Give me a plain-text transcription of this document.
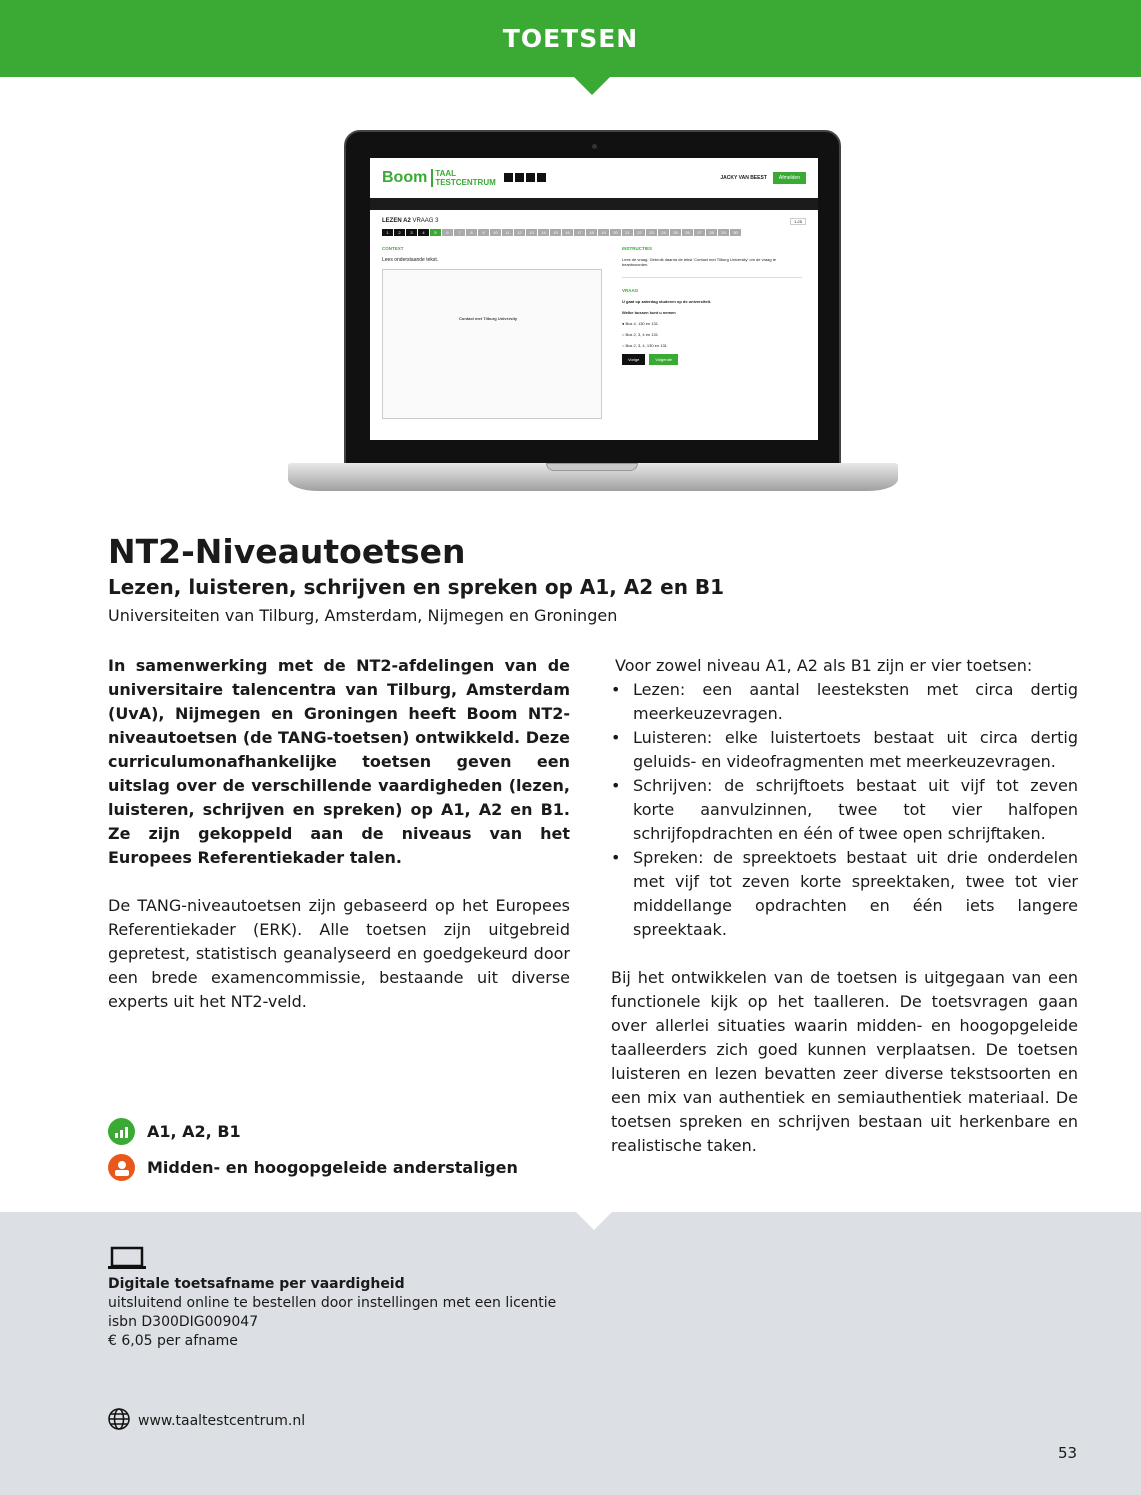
TOETSEN
Boom	TAAL
TESTCENTRUM	JACKY VAN BEEST	Afmelden
LEZEN A2 VRAAG 3	1-25
1	2	3	4	5	6	7	8	9	10	11	12	13	14	15	16	17	18	19	20	21	22	23	24	25	26	27	28	29	30
CONTEXT
Lees onderstaande tekst.
Contact met Tilburg University
INSTRUCTIES
Lees de vraag. Gebruik daarna de tekst 'Contact met Tilburg University' om de vraag te beantwoorden.
VRAAG
U gaat op zaterdag studeren op de universiteit.
Welke bussen kunt u nemen
● Bus 4, 130 en 131
○ Bus 2, 3, 4 en 131
○ Bus 2, 3, 4, 130 en 131
Vorige	Volgende
NT2-Niveautoetsen
Lezen, luisteren, schrijven en spreken op A1, A2 en B1
Universiteiten van Tilburg, Amsterdam, Nijmegen en Groningen

In samenwerking met de NT2-afdelingen van de universitaire talencentra van Tilburg, Amsterdam (UvA), Nijmegen en Groningen heeft Boom NT2-niveautoetsen (de TANG-toetsen) ontwikkeld. Deze curriculumonafhankelijke toetsen geven een uitslag over de verschillende vaardigheden (lezen, luisteren, schrijven en spreken) op A1, A2 en B1. Ze zijn gekoppeld aan de niveaus van het Europees Referentiekader talen.

De TANG-niveautoetsen zijn gebaseerd op het Europees Referentiekader (ERK). Alle toetsen zijn uitgebreid gepretest, statistisch geanalyseerd en goedgekeurd door een brede examencommissie, bestaande uit diverse experts uit het NT2-veld.

Voor zowel niveau A1, A2 als B1 zijn er vier toetsen:

• Lezen: een aantal leesteksten met circa dertig meerkeuzevragen.
• Luisteren: elke luistertoets bestaat uit circa dertig geluids- en videofragmenten met meerkeuzevragen.
• Schrijven: de schrijftoets bestaat uit vijf tot zeven korte aanvulzinnen, twee tot vier halfopen schrijfopdrachten en één of twee open schrijftaken.
• Spreken: de spreektoets bestaat uit drie onderdelen met vijf tot zeven korte spreektaken, twee tot vier middellange opdrachten en één iets langere spreektaak.

Bij het ontwikkelen van de toetsen is uitgegaan van een functionele kijk op het taalleren. De toetsvragen gaan over allerlei situaties waarin midden- en hoogopgeleide taalleerders zich goed kunnen verplaatsen. De toetsen luisteren en lezen bevatten zeer diverse tekstsoorten en een mix van authentiek en semiauthentiek materiaal. De toetsen spreken en schrijven bestaan uit herkenbare en realistische taken.

A1, A2, B1
Midden- en hoogopgeleide anderstaligen
Digitale toetsafname per vaardigheid
uitsluitend online te bestellen door instellingen met een licentie
isbn D300DIG009047
€ 6,05 per afname
www.taaltestcentrum.nl
53
